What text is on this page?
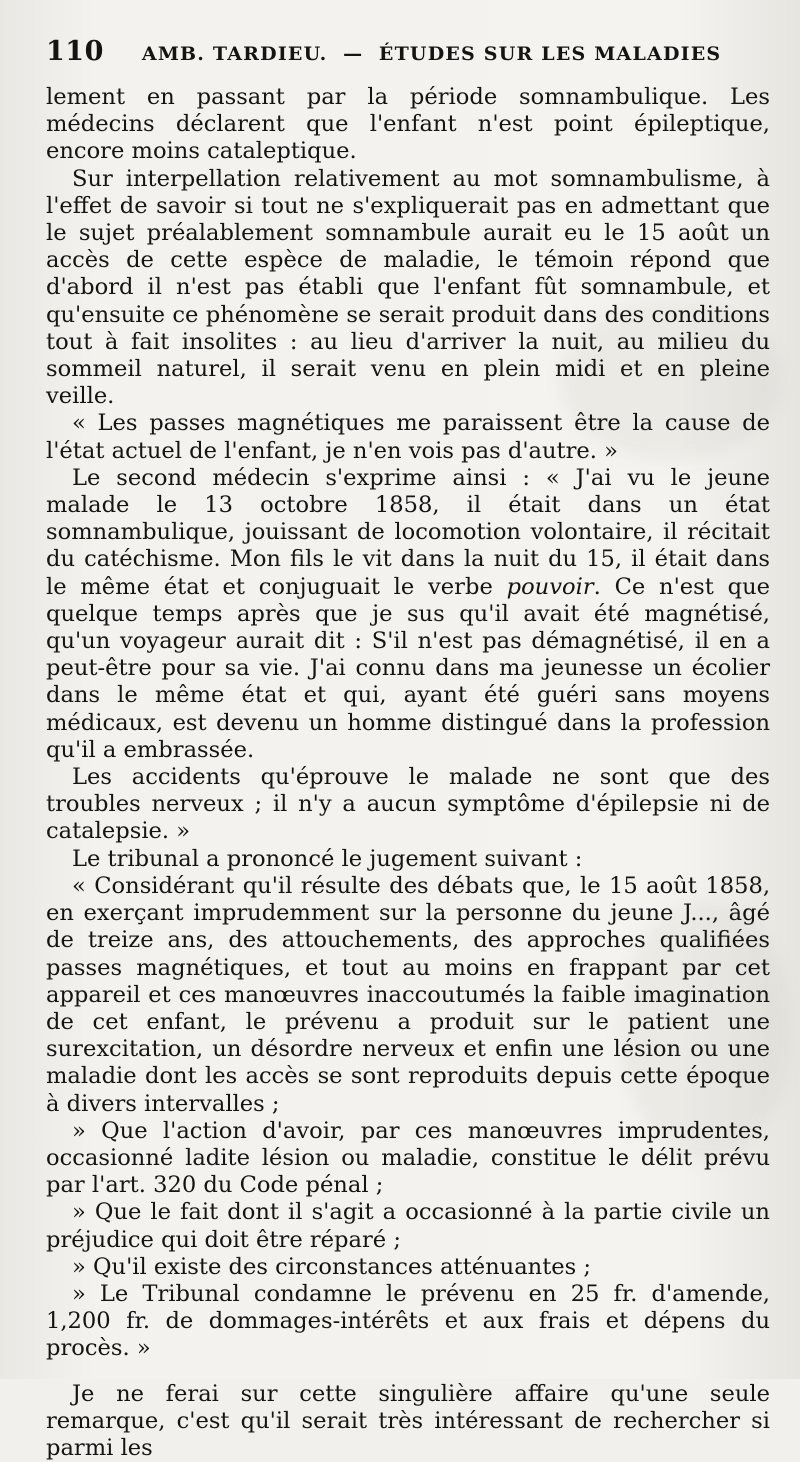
110 AMB. TARDIEU.  —  ÉTUDES SUR LES MALADIES

lement en passant par la période somnambulique. Les médecins déclarent que l'enfant n'est point épileptique, encore moins cataleptique.

Sur interpellation relativement au mot somnambulisme, à l'effet de savoir si tout ne s'expliquerait pas en admettant que le sujet préalablement somnambule aurait eu le 15 août un accès de cette espèce de maladie, le témoin répond que d'abord il n'est pas établi que l'enfant fût somnambule, et qu'ensuite ce phénomène se serait produit dans des conditions tout à fait insolites : au lieu d'arriver la nuit, au milieu du sommeil naturel, il serait venu en plein midi et en pleine veille.

« Les passes magnétiques me paraissent être la cause de l'état actuel de l'enfant, je n'en vois pas d'autre. »

Le second médecin s'exprime ainsi : « J'ai vu le jeune malade le 13 octobre 1858, il était dans un état somnambulique, jouissant de locomotion volontaire, il récitait du catéchisme. Mon fils le vit dans la nuit du 15, il était dans le même état et conjuguait le verbe pouvoir. Ce n'est que quelque temps après que je sus qu'il avait été magnétisé, qu'un voyageur aurait dit : S'il n'est pas démagnétisé, il en a peut-être pour sa vie. J'ai connu dans ma jeunesse un écolier dans le même état et qui, ayant été guéri sans moyens médicaux, est devenu un homme distingué dans la profession qu'il a embrassée.

Les accidents qu'éprouve le malade ne sont que des troubles nerveux ; il n'y a aucun symptôme d'épilepsie ni de catalepsie. »

Le tribunal a prononcé le jugement suivant :

« Considérant qu'il résulte des débats que, le 15 août 1858, en exerçant imprudemment sur la personne du jeune J..., âgé de treize ans, des attouchements, des approches qualifiées passes magnétiques, et tout au moins en frappant par cet appareil et ces manœuvres inaccoutumés la faible imagination de cet enfant, le prévenu a produit sur le patient une surexcitation, un désordre nerveux et enfin une lésion ou une maladie dont les accès se sont reproduits depuis cette époque à divers intervalles ;

» Que l'action d'avoir, par ces manœuvres imprudentes, occasionné ladite lésion ou maladie, constitue le délit prévu par l'art. 320 du Code pénal ;

» Que le fait dont il s'agit a occasionné à la partie civile un préjudice qui doit être réparé ;

» Qu'il existe des circonstances atténuantes ;

» Le Tribunal condamne le prévenu en 25 fr. d'amende, 1,200 fr. de dommages-intérêts et aux frais et dépens du procès. »

Je ne ferai sur cette singulière affaire qu'une seule remarque, c'est qu'il serait très intéressant de rechercher si parmi les
